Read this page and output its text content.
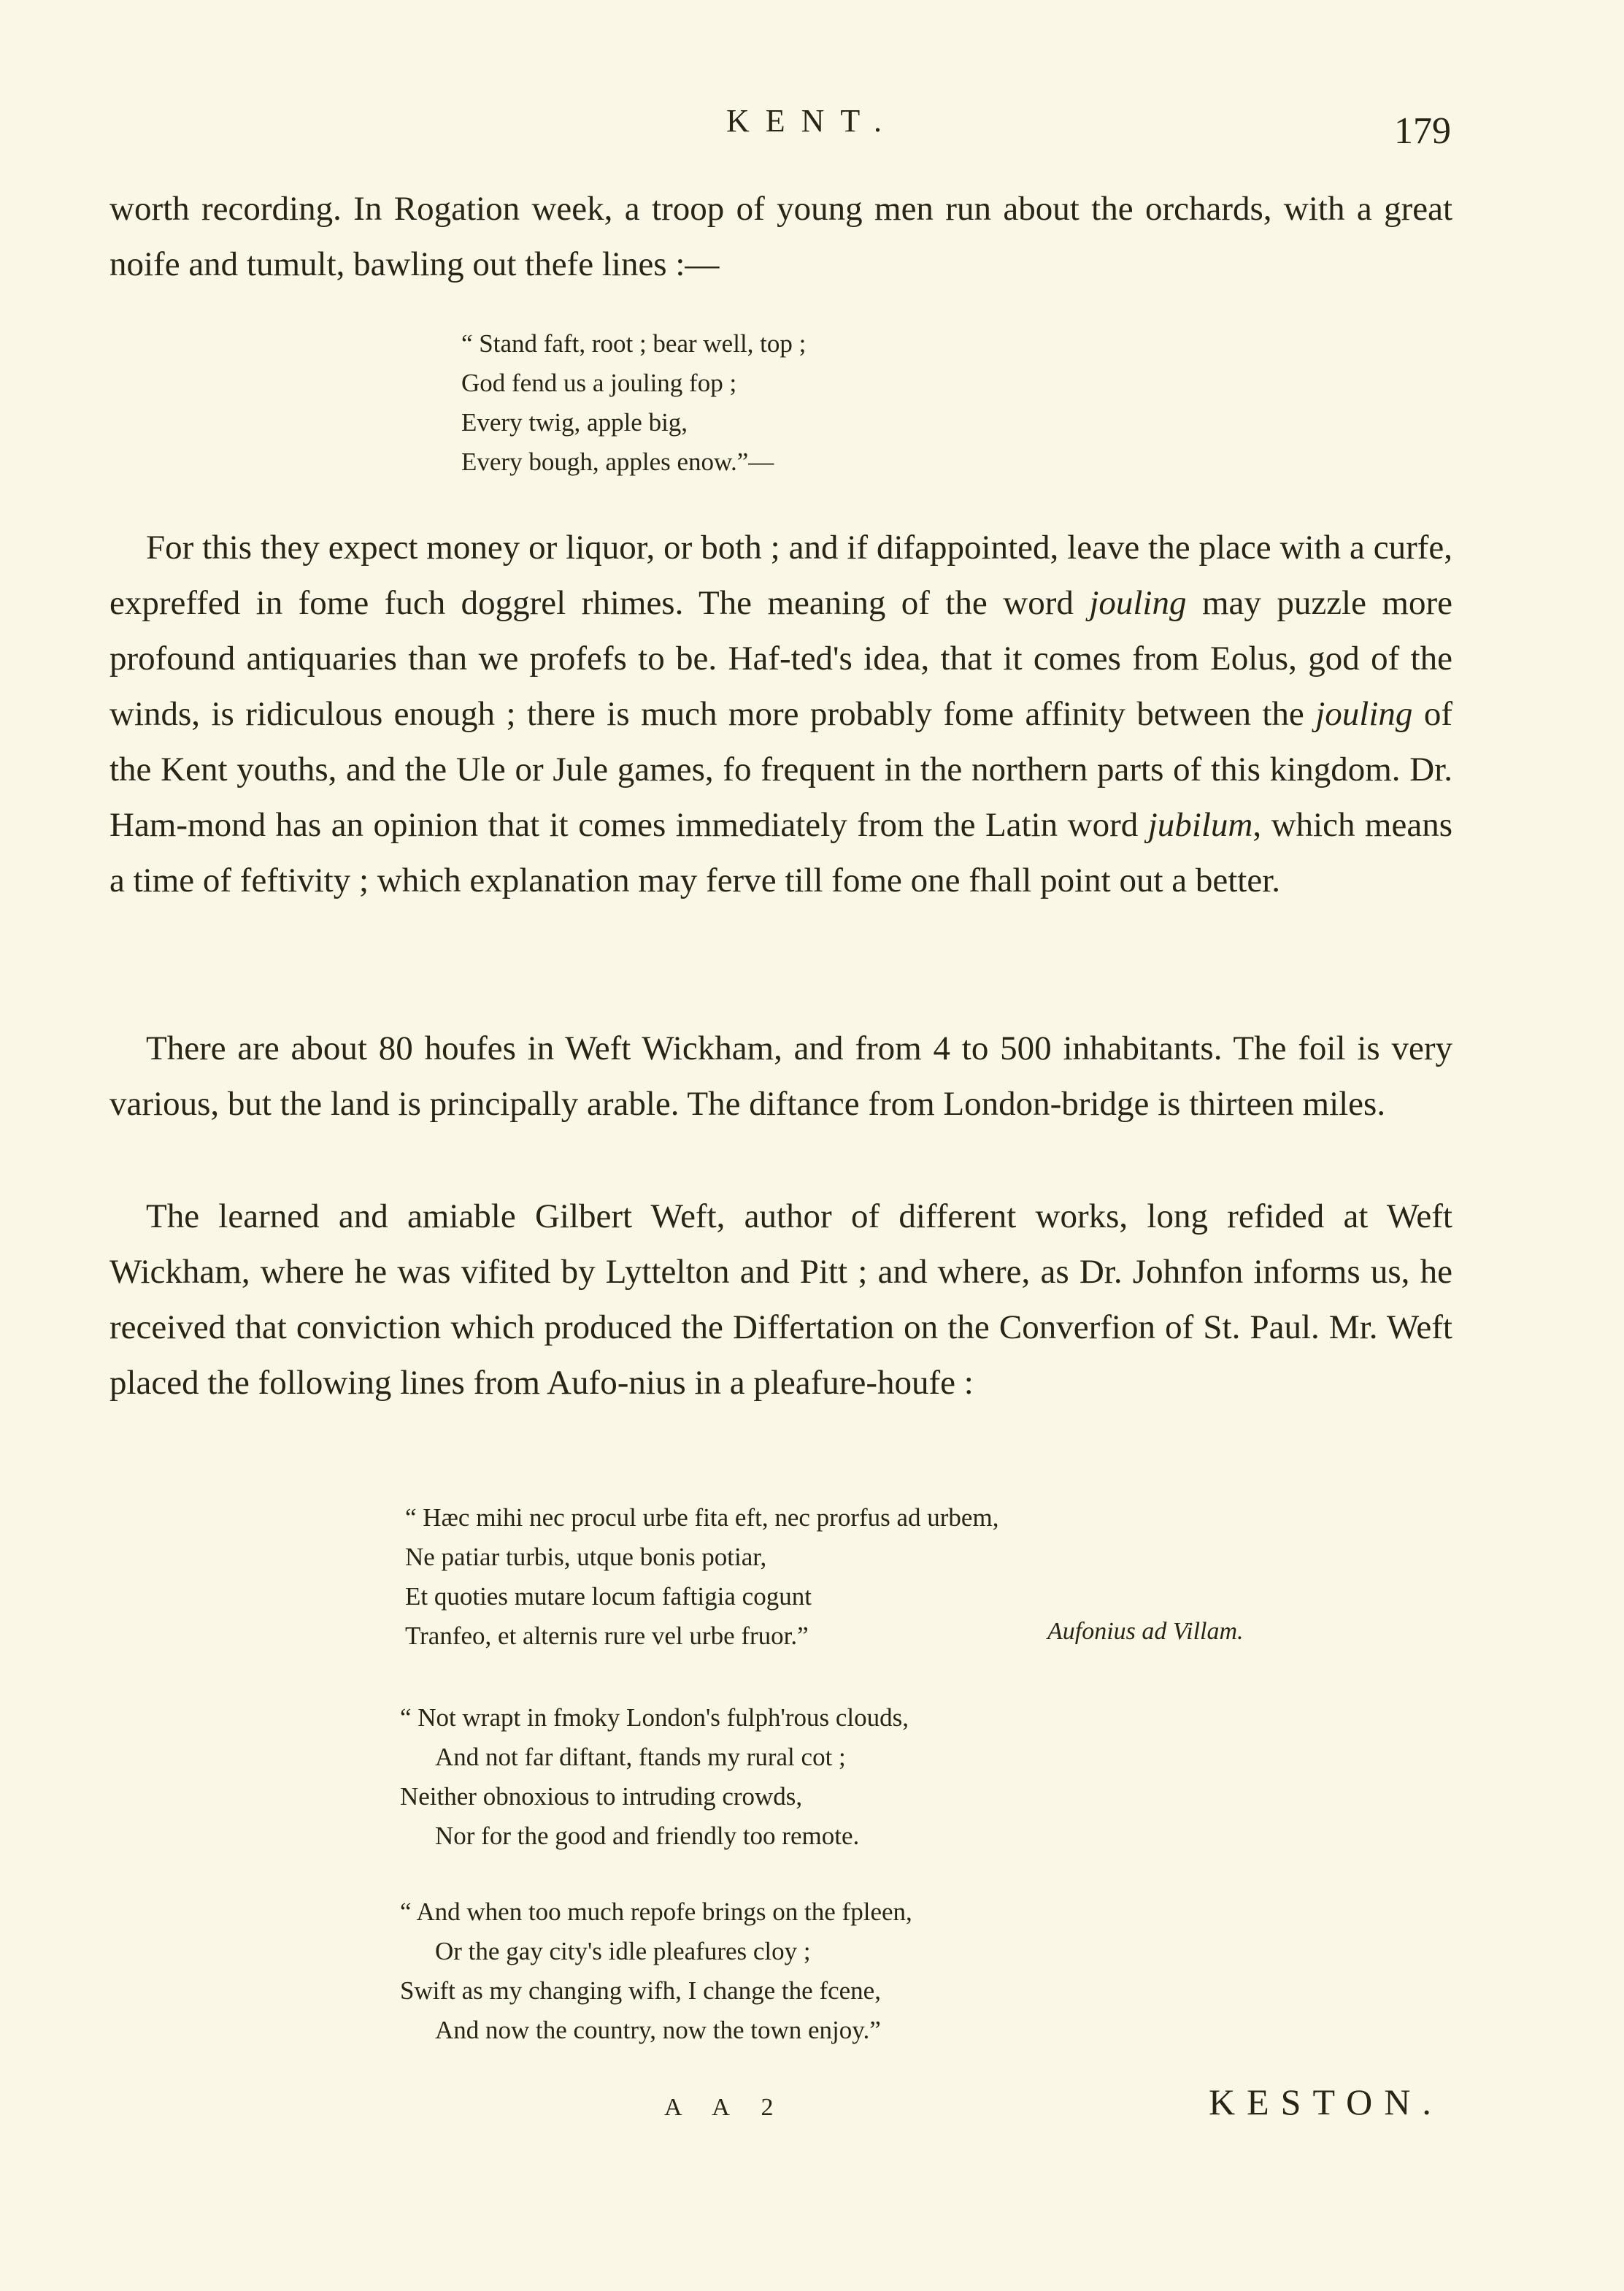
KENT.	179

worth recording. In Rogation week, a troop of young men run about the orchards, with a great noife and tumult, bawling out thefe lines :—

“ Stand faft, root ; bear well, top ;
God fend us a jouling fop ;
Every twig, apple big,
Every bough, apples enow.”—

For this they expect money or liquor, or both ; and if difappointed, leave the place with a curfe, expreffed in fome fuch doggrel rhimes. The meaning of the word jouling may puzzle more profound antiquaries than we profefs to be. Haf-ted's idea, that it comes from Eolus, god of the winds, is ridiculous enough ; there is much more probably fome affinity between the jouling of the Kent youths, and the Ule or Jule games, fo frequent in the northern parts of this kingdom. Dr. Ham-mond has an opinion that it comes immediately from the Latin word jubilum, which means a time of feftivity ; which explanation may ferve till fome one fhall point out a better.

There are about 80 houfes in Weft Wickham, and from 4 to 500 inhabitants. The foil is very various, but the land is principally arable. The diftance from London-bridge is thirteen miles.

The learned and amiable Gilbert Weft, author of different works, long refided at Weft Wickham, where he was vifited by Lyttelton and Pitt ; and where, as Dr. Johnfon informs us, he received that conviction which produced the Differtation on the Converfion of St. Paul. Mr. Weft placed the following lines from Aufo-nius in a pleafure-houfe :

“ Hæc mihi nec procul urbe fita eft, nec prorfus ad urbem,
Ne patiar turbis, utque bonis potiar,
Et quoties mutare locum faftigia cogunt
Tranfeo, et alternis rure vel urbe fruor.”	Aufonius ad Villam.
“ Not wrapt in fmoky London's fulph'rous clouds,
And not far diftant, ftands my rural cot ;
Neither obnoxious to intruding crowds,
Nor for the good and friendly too remote.
“ And when too much repofe brings on the fpleen,
Or the gay city's idle pleafures cloy ;
Swift as my changing wifh, I change the fcene,
And now the country, now the town enjoy.”
A A 2	KESTON.
